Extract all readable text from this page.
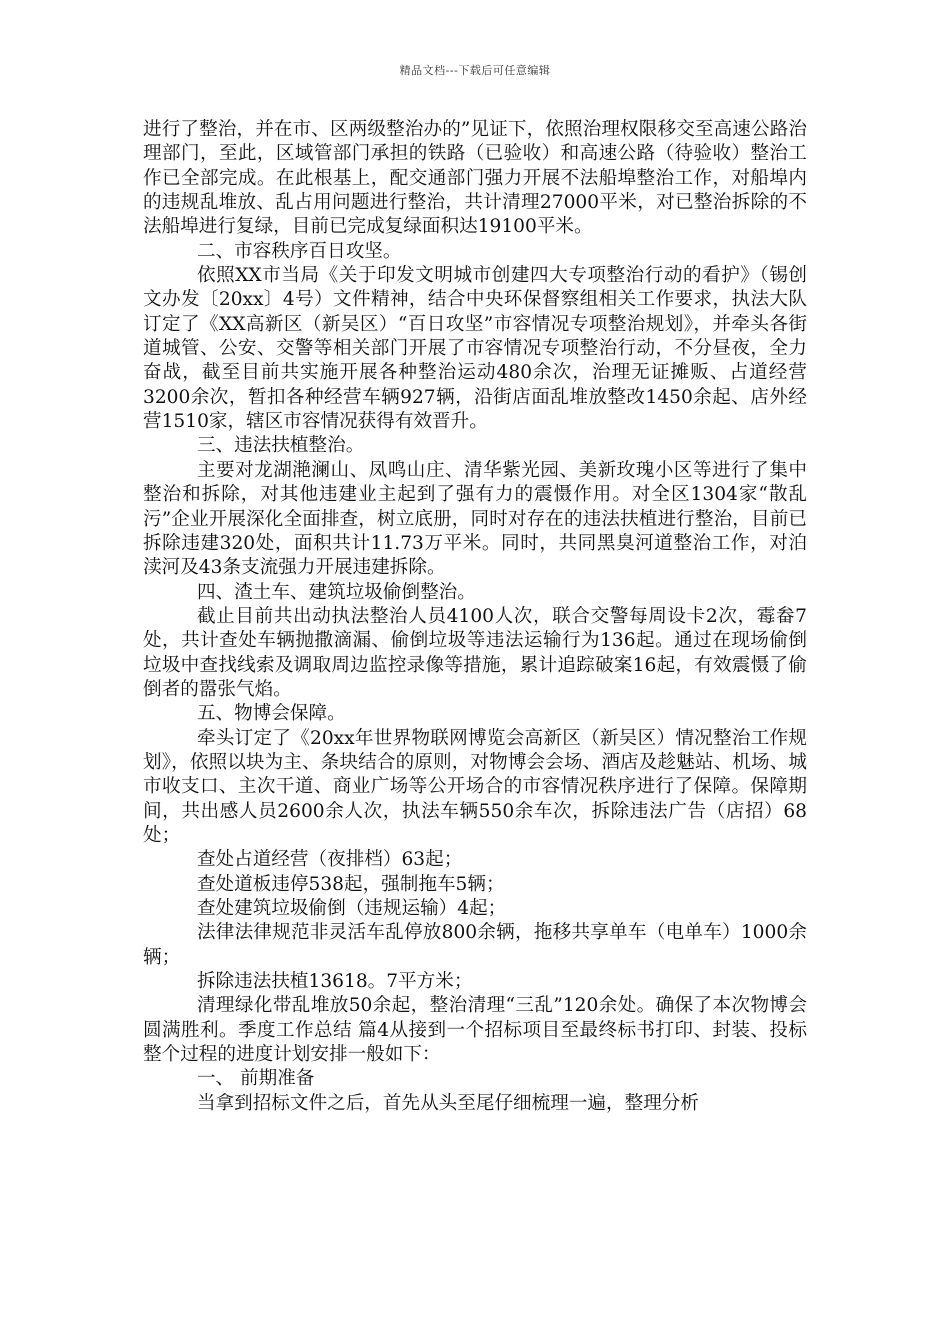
精品文档---下载后可任意编辑

进行了整治，并在市、区两级整治办的”见证下，依照治理权限移交至高速公路治理部门，至此，区域管部门承担的铁路（已验收）和高速公路（待验收）整治工作已全部完成。在此根基上，配交通部门强力开展不法船埠整治工作，对船埠内的违规乱堆放、乱占用问题进行整治，共计清理27000平米，对已整治拆除的不法船埠进行复绿，目前已完成复绿面积达19100平米。

二、市容秩序百日攻坚。

依照XX市当局《关于印发文明城市创建四大专项整治行动的看护》（锡创文办发〔20xx〕4号）文件精神，结合中央环保督察组相关工作要求，执法大队订定了《XX高新区（新吴区）“百日攻坚”市容情况专项整治规划》，并牵头各街道城管、公安、交警等相关部门开展了市容情况专项整治行动，不分昼夜，全力奋战，截至目前共实施开展各种整治运动480余次，治理无证摊贩、占道经营3200余次，暂扣各种经营车辆927辆，沿街店面乱堆放整改1450余起、店外经营1510家，辖区市容情况获得有效晋升。

三、违法扶植整治。

主要对龙湖滟澜山、凤鸣山庄、清华紫光园、美新玫瑰小区等进行了集中整治和拆除，对其他违建业主起到了强有力的震慑作用。对全区1304家“散乱污”企业开展深化全面排查，树立底册，同时对存在的违法扶植进行整治，目前已拆除违建320处，面积共计11.73万平米。同时，共同黑臭河道整治工作，对泊渎河及43条支流强力开展违建拆除。

四、渣土车、建筑垃圾偷倒整治。

截止目前共出动执法整治人员4100人次，联合交警每周设卡2次，霉畚7处，共计查处车辆抛撒滴漏、偷倒垃圾等违法运输行为136起。通过在现场偷倒垃圾中查找线索及调取周边监控录像等措施，累计追踪破案16起，有效震慑了偷倒者的嚣张气焰。

五、物博会保障。

牵头订定了《20xx年世界物联网博览会高新区（新吴区）情况整治工作规划》，依照以块为主、条块结合的原则，对物博会会场、酒店及趁魅站、机场、城市收支口、主次干道、商业广场等公开场合的市容情况秩序进行了保障。保障期间，共出感人员2600余人次，执法车辆550余车次，拆除违法广告（店招）68处；

查处占道经营（夜排档）63起；

查处道板违停538起，强制拖车5辆；

查处建筑垃圾偷倒（违规运输）4起；

法律法律规范非灵活车乱停放800余辆，拖移共享单车（电单车）1000余辆；

拆除违法扶植13618。7平方米；

清理绿化带乱堆放50余起，整治清理“三乱”120余处。确保了本次物博会圆满胜利。季度工作总结 篇4从接到一个招标项目至最终标书打印、封装、投标整个过程的进度计划安排一般如下：

一、 前期准备

当拿到招标文件之后，首先从头至尾仔细梳理一遍，整理分析
